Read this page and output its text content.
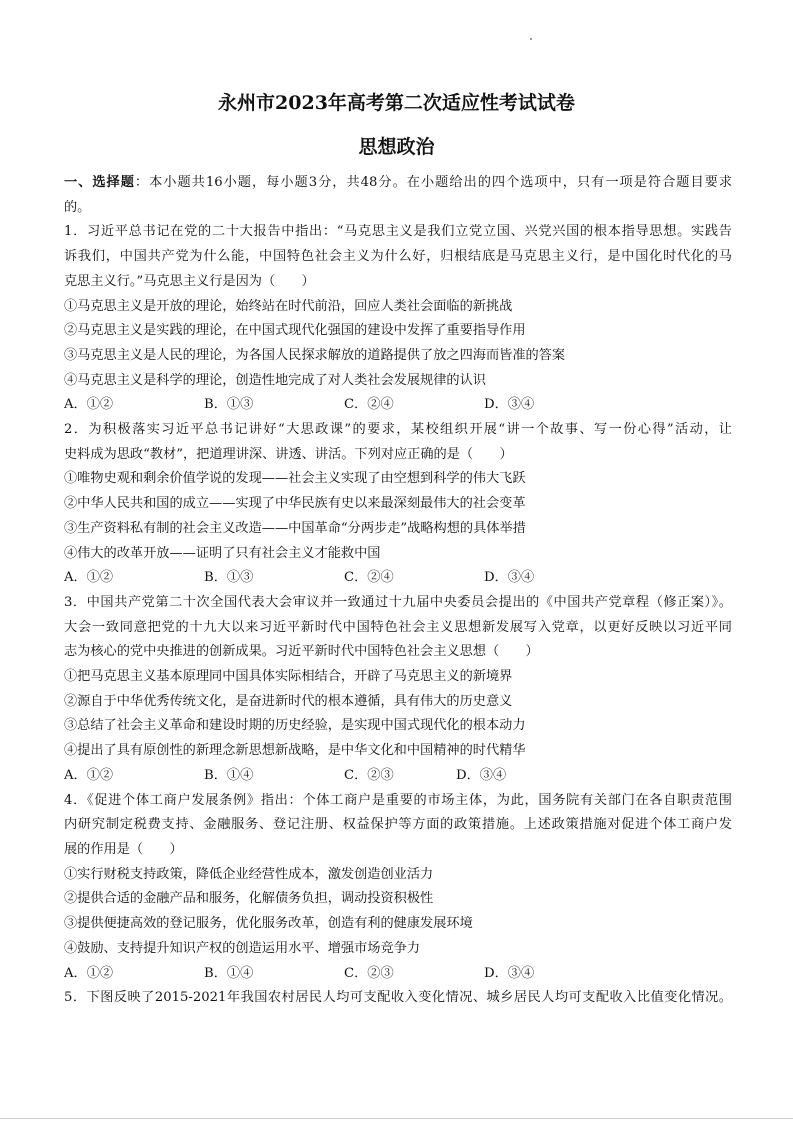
永州市2023年高考第二次适应性考试试卷
思想政治
一、选择题：本小题共16小题，每小题3分，共48分。在小题给出的四个选项中，只有一项是符合题目要求
的。
1．习近平总书记在党的二十大报告中指出：“马克思主义是我们立党立国、兴党兴国的根本指导思想。实践告
诉我们，中国共产党为什么能，中国特色社会主义为什么好，归根结底是马克思主义行，是中国化时代化的马
克思主义行。”马克思主义行是因为（　　）
①马克思主义是开放的理论，始终站在时代前沿，回应人类社会面临的新挑战
②马克思主义是实践的理论，在中国式现代化强国的建设中发挥了重要指导作用
③马克思主义是人民的理论，为各国人民探求解放的道路提供了放之四海而皆准的答案
④马克思主义是科学的理论，创造性地完成了对人类社会发展规律的认识
A．①②	B．①③	C．②④	D．③④
2．为积极落实习近平总书记讲好“大思政课”的要求，某校组织开展“讲一个故事、写一份心得”活动，让
史料成为思政“教材”，把道理讲深、讲透、讲活。下列对应正确的是（　　）
①唯物史观和剩余价值学说的发现——社会主义实现了由空想到科学的伟大飞跃
②中华人民共和国的成立——实现了中华民族有史以来最深刻最伟大的社会变革
③生产资料私有制的社会主义改造——中国革命“分两步走”战略构想的具体举措
④伟大的改革开放——证明了只有社会主义才能救中国
A．①②	B．①③	C．②④	D．③④
3．中国共产党第二十次全国代表大会审议并一致通过十九届中央委员会提出的《中国共产党章程（修正案）》。
大会一致同意把党的十九大以来习近平新时代中国特色社会主义思想新发展写入党章，以更好反映以习近平同
志为核心的党中央推进的创新成果。习近平新时代中国特色社会主义思想（　　）
①把马克思主义基本原理同中国具体实际相结合，开辟了马克思主义的新境界
②源自于中华优秀传统文化，是奋进新时代的根本遵循，具有伟大的历史意义
③总结了社会主义革命和建设时期的历史经验，是实现中国式现代化的根本动力
④提出了具有原创性的新理念新思想新战略，是中华文化和中国精神的时代精华
A．①②	B．①④	C．②③	D．③④
4．《促进个体工商户发展条例》指出：个体工商户是重要的市场主体，为此，国务院有关部门在各自职责范围
内研究制定税费支持、金融服务、登记注册、权益保护等方面的政策措施。上述政策措施对促进个体工商户发
展的作用是（　　）
①实行财税支持政策，降低企业经营性成本，激发创造创业活力
②提供合适的金融产品和服务，化解债务负担，调动投资积极性
③提供便捷高效的登记服务，优化服务改革，创造有利的健康发展环境
④鼓励、支持提升知识产权的创造运用水平、增强市场竞争力
A．①②	B．①④	C．②③	D．③④
5．下图反映了2015-2021年我国农村居民人均可支配收入变化情况、城乡居民人均可支配收入比值变化情况。
